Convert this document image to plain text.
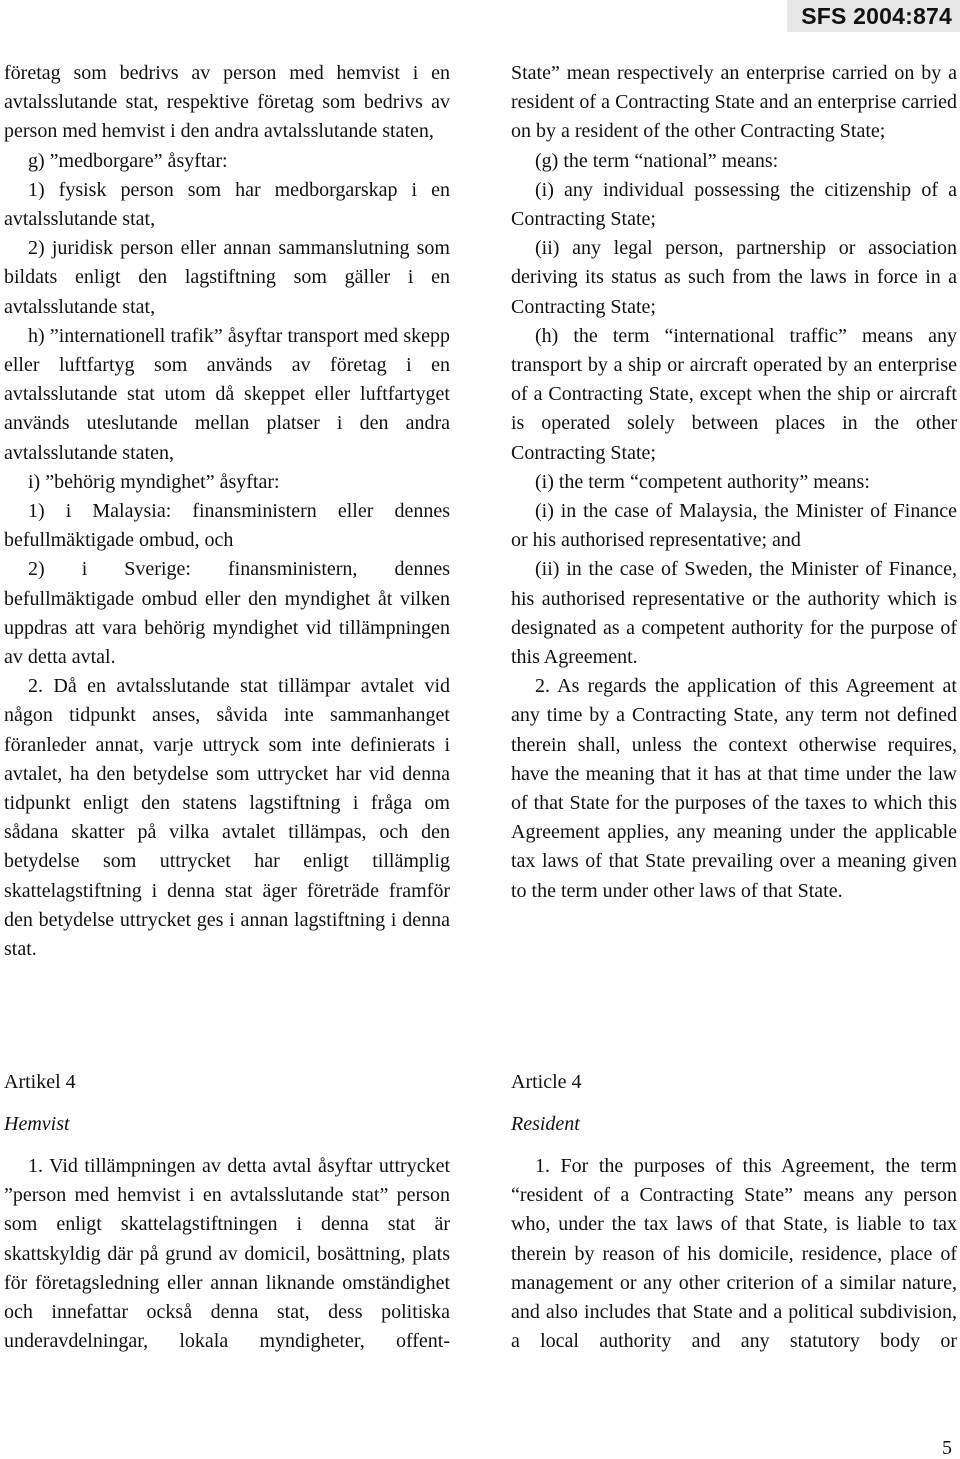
SFS 2004:874

företag som bedrivs av person med hemvist i en avtalsslutande stat, respektive företag som bedrivs av person med hemvist i den andra avtalsslutande staten,

g) ”medborgare” åsyftar:

1) fysisk person som har medborgarskap i en avtalsslutande stat,

2) juridisk person eller annan sammanslutning som bildats enligt den lagstiftning som gäller i en avtalsslutande stat,

h) ”internationell trafik” åsyftar transport med skepp eller luftfartyg som används av företag i en avtalsslutande stat utom då skeppet eller luftfartyget används uteslutande mellan platser i den andra avtalsslutande staten,

i) ”behörig myndighet” åsyftar:

1) i Malaysia: finansministern eller dennes befullmäktigade ombud, och

2) i Sverige: finansministern, dennes befullmäktigade ombud eller den myndighet åt vilken uppdras att vara behörig myndighet vid tillämpningen av detta avtal.

2. Då en avtalsslutande stat tillämpar avtalet vid någon tidpunkt anses, såvida inte sammanhanget föranleder annat, varje uttryck som inte definierats i avtalet, ha den betydelse som uttrycket har vid denna tidpunkt enligt den statens lagstiftning i fråga om sådana skatter på vilka avtalet tillämpas, och den betydelse som uttrycket har enligt tillämplig skattelagstiftning i denna stat äger företräde framför den betydelse uttrycket ges i annan lagstiftning i denna stat.

State” mean respectively an enterprise carried on by a resident of a Contracting State and an enterprise carried on by a resident of the other Contracting State;

(g) the term “national” means:

(i) any individual possessing the citizenship of a Contracting State;

(ii) any legal person, partnership or association deriving its status as such from the laws in force in a Contracting State;

(h) the term “international traffic” means any transport by a ship or aircraft operated by an enterprise of a Contracting State, except when the ship or aircraft is operated solely between places in the other Contracting State;

(i) the term “competent authority” means:

(i) in the case of Malaysia, the Minister of Finance or his authorised representative; and

(ii) in the case of Sweden, the Minister of Finance, his authorised representative or the authority which is designated as a competent authority for the purpose of this Agreement.

2. As regards the application of this Agreement at any time by a Contracting State, any term not defined therein shall, unless the context otherwise requires, have the meaning that it has at that time under the law of that State for the purposes of the taxes to which this Agreement applies, any meaning under the applicable tax laws of that State prevailing over a meaning given to the term under other laws of that State.

Artikel 4
Hemvist
Article 4
Resident

1. Vid tillämpningen av detta avtal åsyftar uttrycket ”person med hemvist i en avtalsslutande stat” person som enligt skattelagstiftningen i denna stat är skattskyldig där på grund av domicil, bosättning, plats för företagsledning eller annan liknande omständighet och innefattar också denna stat, dess politiska underavdelningar, lokala myndigheter, offent-

1. For the purposes of this Agreement, the term “resident of a Contracting State” means any person who, under the tax laws of that State, is liable to tax therein by reason of his domicile, residence, place of management or any other criterion of a similar nature, and also includes that State and a political subdivision, a local authority and any statutory body or

5
